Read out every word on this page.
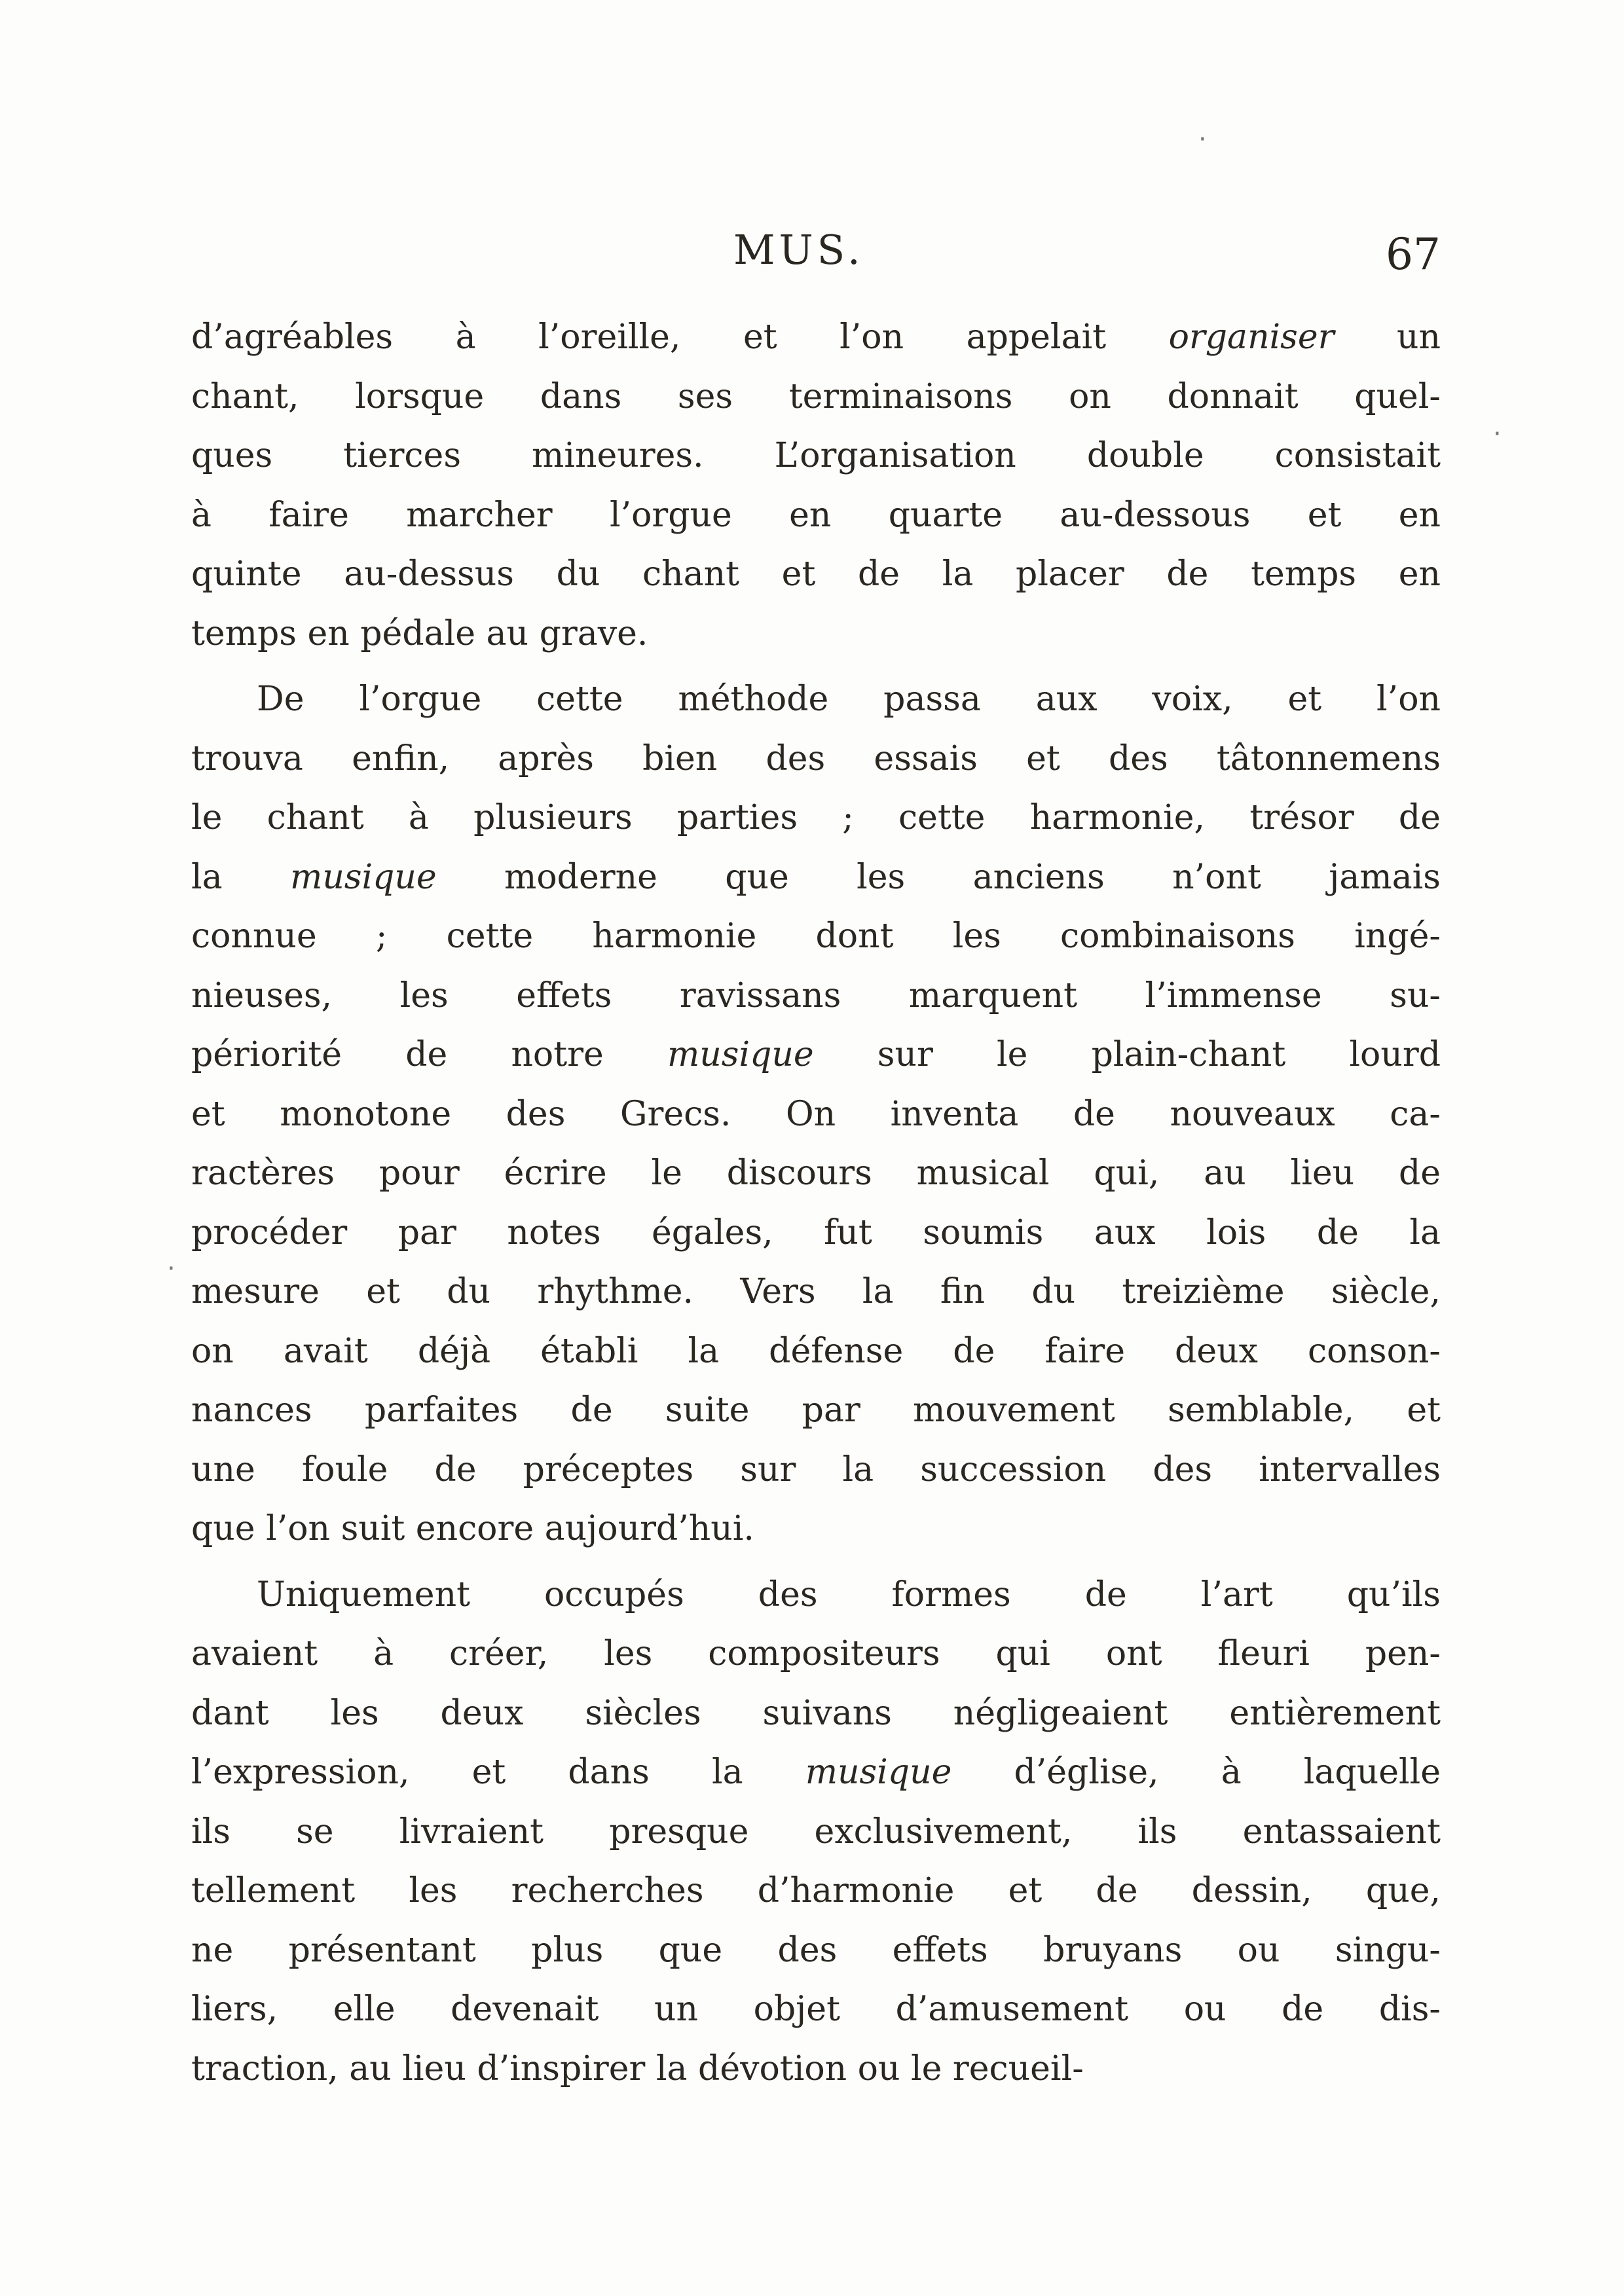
MUS.	67
d’agréables à l’oreille, et l’on appelait organiser un
chant, lorsque dans ses terminaisons on donnait quel-
ques tierces mineures. L’organisation double consistait
à faire marcher l’orgue en quarte au-dessous et en
quinte au-dessus du chant et de la placer de temps en
temps en pédale au grave.
De l’orgue cette méthode passa aux voix, et l’on
trouva enfin, après bien des essais et des tâtonnemens
le chant à plusieurs parties ; cette harmonie, trésor de
la musique moderne que les anciens n’ont jamais
connue ; cette harmonie dont les combinaisons ingé-
nieuses, les effets ravissans marquent l’immense su-
périorité de notre musique sur le plain-chant lourd
et monotone des Grecs. On inventa de nouveaux ca-
ractères pour écrire le discours musical qui, au lieu de
procéder par notes égales, fut soumis aux lois de la
mesure et du rhythme. Vers la fin du treizième siècle,
on avait déjà établi la défense de faire deux conson-
nances parfaites de suite par mouvement semblable, et
une foule de préceptes sur la succession des intervalles
que l’on suit encore aujourd’hui.
Uniquement occupés des formes de l’art qu’ils
avaient à créer, les compositeurs qui ont fleuri pen-
dant les deux siècles suivans négligeaient entièrement
l’expression, et dans la musique d’église, à laquelle
ils se livraient presque exclusivement, ils entassaient
tellement les recherches d’harmonie et de dessin, que,
ne présentant plus que des effets bruyans ou singu-
liers, elle devenait un objet d’amusement ou de dis-
traction, au lieu d’inspirer la dévotion ou le recueil-
·
·
·
